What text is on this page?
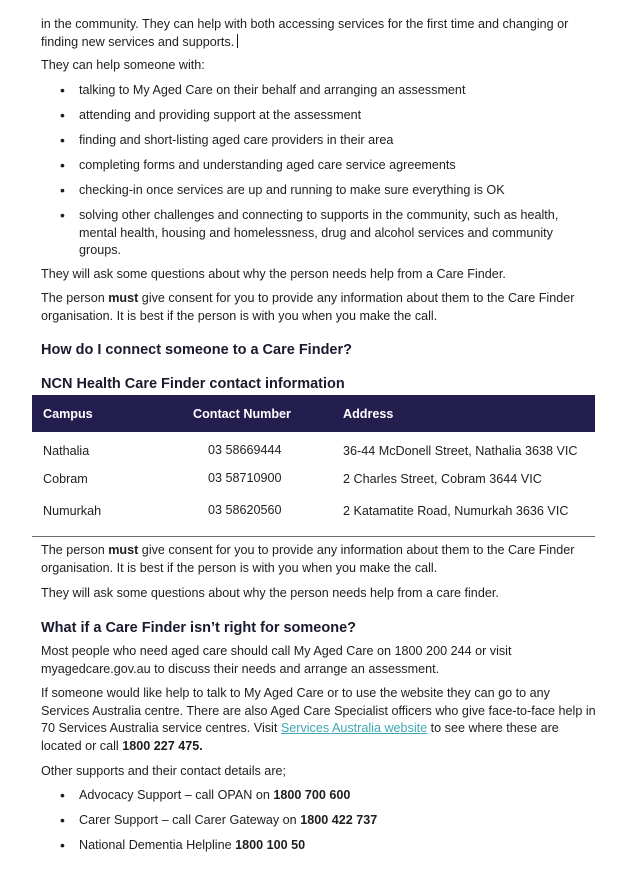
in the community. They can help with both accessing services for the first time and changing or finding new services and supports.

They can help someone with:

• talking to My Aged Care on their behalf and arranging an assessment
• attending and providing support at the assessment
• finding and short-listing aged care providers in their area
• completing forms and understanding aged care service agreements
• checking-in once services are up and running to make sure everything is OK
• solving other challenges and connecting to supports in the community, such as health, mental health, housing and homelessness, drug and alcohol services and community groups.

They will ask some questions about why the person needs help from a Care Finder.

The person must give consent for you to provide any information about them to the Care Finder organisation. It is best if the person is with you when you make the call.

How do I connect someone to a Care Finder?
NCN Health Care Finder contact information
Campus	Contact Number	Address
Nathalia	03 58669444	36-44 McDonell Street, Nathalia 3638 VIC
Cobram	03 58710900	2 Charles Street, Cobram 3644 VIC
Numurkah	03 58620560	2 Katamatite Road, Numurkah 3636 VIC

The person must give consent for you to provide any information about them to the Care Finder organisation. It is best if the person is with you when you make the call.

They will ask some questions about why the person needs help from a care finder.

What if a Care Finder isn’t right for someone?

Most people who need aged care should call My Aged Care on 1800 200 244 or visit myagedcare.gov.au to discuss their needs and arrange an assessment.

If someone would like help to talk to My Aged Care or to use the website they can go to any Services Australia centre. There are also Aged Care Specialist officers who give face-to-face help in 70 Services Australia service centres. Visit Services Australia website to see where these are located or call 1800 227 475.

Other supports and their contact details are;

• Advocacy Support – call OPAN on 1800 700 600
• Carer Support – call Carer Gateway on 1800 422 737
• National Dementia Helpline 1800 100 50
